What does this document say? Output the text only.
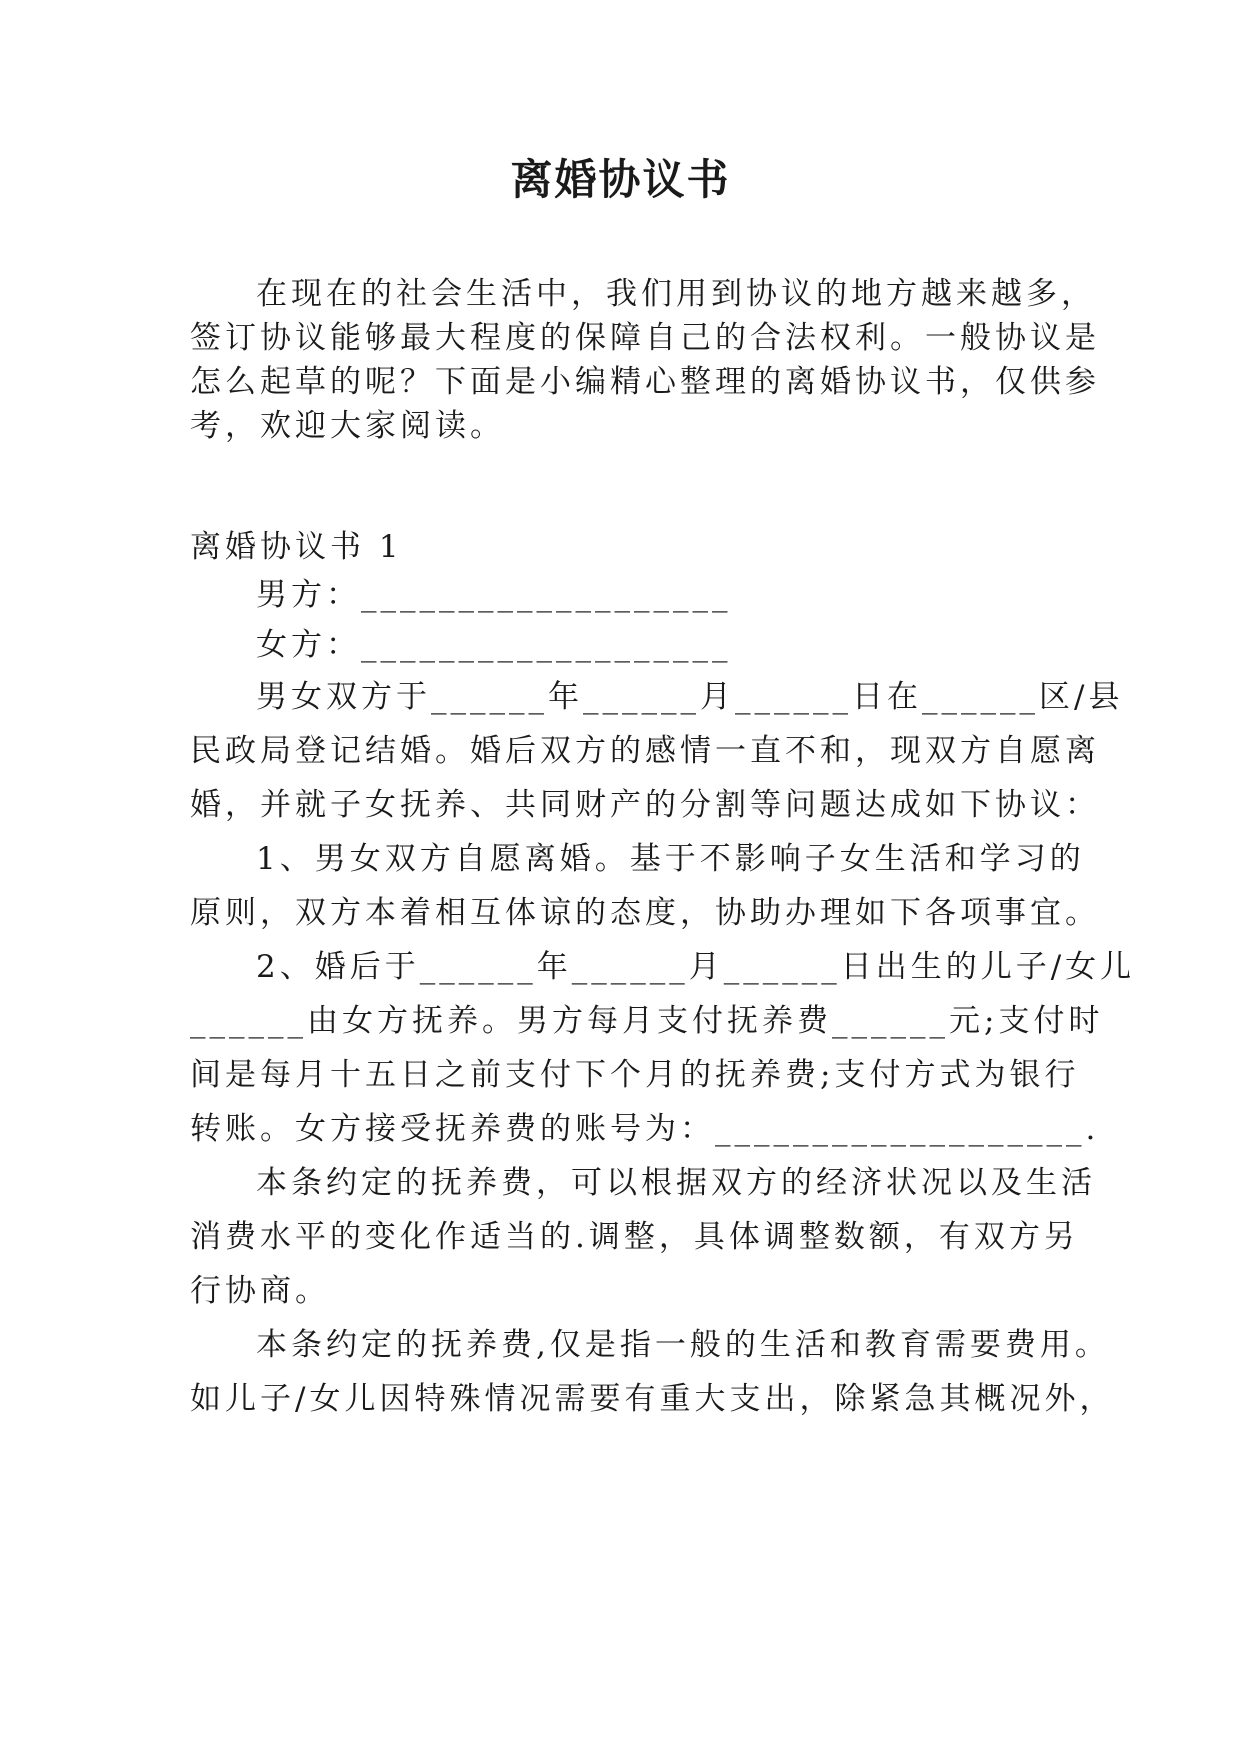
离婚协议书

在现在的社会生活中，我们用到协议的地方越来越多，

签订协议能够最大程度的保障自己的合法权利。一般协议是

怎么起草的呢？下面是小编精心整理的离婚协议书，仅供参

考，欢迎大家阅读。

离婚协议书 1

男方：___________________

女方：___________________

男女双方于______年______月______日在______区/县

民政局登记结婚。婚后双方的感情一直不和，现双方自愿离

婚，并就子女抚养、共同财产的分割等问题达成如下协议：

1、男女双方自愿离婚。基于不影响子女生活和学习的

原则，双方本着相互体谅的态度，协助办理如下各项事宜。

2、婚后于______年______月______日出生的儿子/女儿

______由女方抚养。男方每月支付抚养费______元;支付时

间是每月十五日之前支付下个月的抚养费;支付方式为银行

转账。女方接受抚养费的账号为：___________________.

本条约定的抚养费，可以根据双方的经济状况以及生活

消费水平的变化作适当的.调整，具体调整数额，有双方另

行协商。

本条约定的抚养费,仅是指一般的生活和教育需要费用。

如儿子/女儿因特殊情况需要有重大支出，除紧急其概况外，
